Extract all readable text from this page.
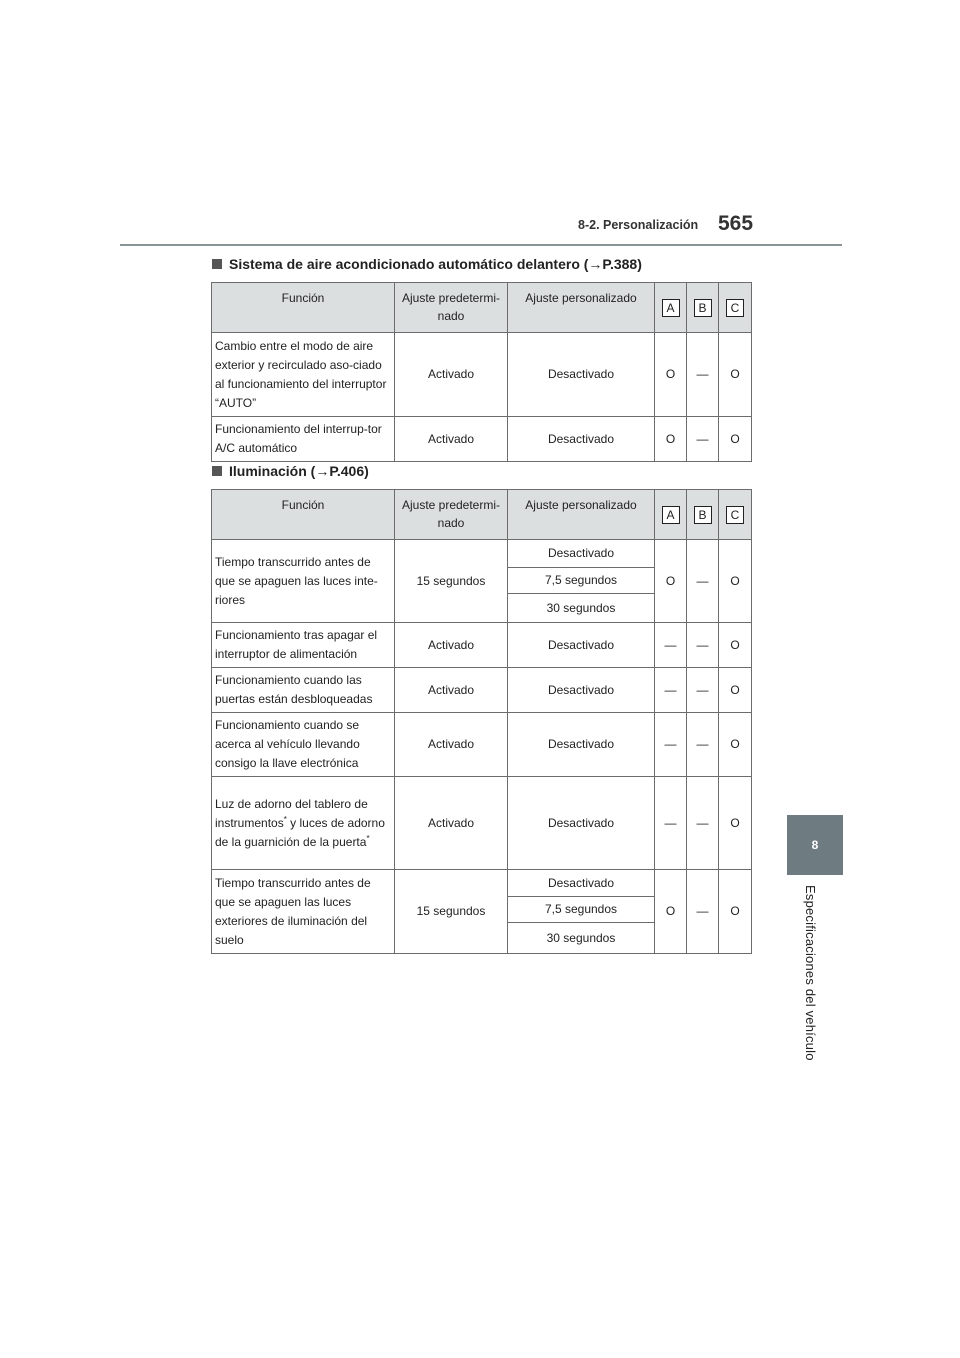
8-2. Personalización 565
Sistema de aire acondicionado automático delantero ( → P.388)
Función	Ajuste predetermi-nado	Ajuste personalizado	A	B	C
Cambio entre el modo de aire exterior y recirculado aso-ciado al funcionamiento del interruptor “AUTO”	Activado	Desactivado	O	—	O
Funcionamiento del interrup-tor A/C automático	Activado	Desactivado	O	—	O
Iluminación ( → P.406)
Función	Ajuste predetermi-nado	Ajuste personalizado	A	B	C
Tiempo transcurrido antes de que se apaguen las luces inte-riores	15 segundos	Desactivado	O	—	O
		7,5 segundos			
		30 segundos			
Funcionamiento tras apagar el interruptor de alimentación	Activado	Desactivado	—	—	O
Funcionamiento cuando las puertas están desbloqueadas	Activado	Desactivado	—	—	O
Funcionamiento cuando se acerca al vehículo llevando consigo la llave electrónica	Activado	Desactivado	—	—	O
Luz de adorno del tablero de instrumentos* y luces de adorno de la guarnición de la puerta*	Activado	Desactivado	—	—	O
Tiempo transcurrido antes de que se apaguen las luces exteriores de iluminación del suelo	15 segundos	Desactivado	O	—	O
		7,5 segundos			
		30 segundos			
8
Especificaciones del vehículo
